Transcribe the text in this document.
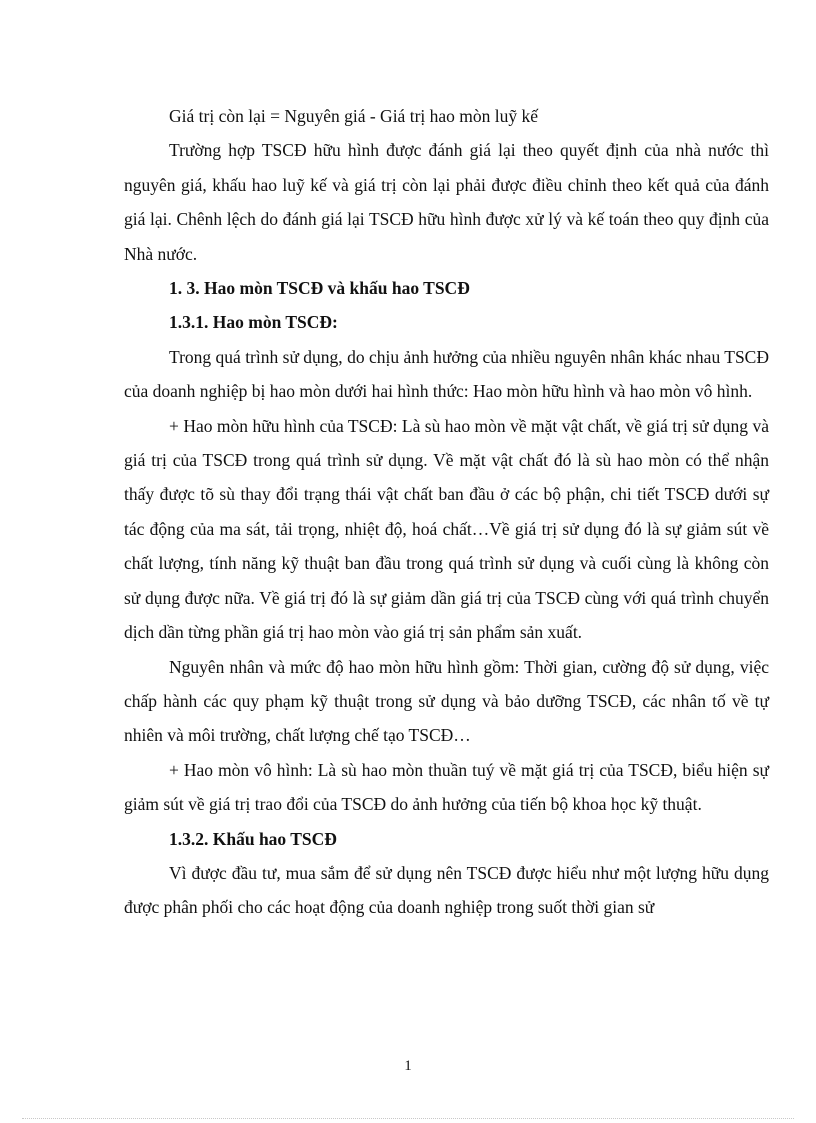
Giá trị còn lại = Nguyên giá - Giá trị hao mòn luỹ kế

Trường hợp TSCĐ hữu hình được đánh giá lại theo quyết định của nhà nước thì nguyên giá, khấu hao luỹ kế và giá trị còn lại phải được điều chỉnh theo kết quả của đánh giá lại. Chênh lệch do đánh giá lại TSCĐ hữu hình được xử lý và kế toán theo quy định của Nhà nước.

1. 3. Hao mòn TSCĐ và khấu hao TSCĐ

1.3.1. Hao mòn TSCĐ:

Trong quá trình sử dụng, do chịu ảnh hưởng của nhiều nguyên nhân khác nhau TSCĐ của doanh nghiệp bị hao mòn dưới hai hình thức: Hao mòn hữu hình và hao mòn vô hình.

+ Hao mòn hữu hình của TSCĐ: Là sù hao mòn về mặt vật chất, về giá trị sử dụng và giá trị của TSCĐ trong quá trình sử dụng. Về mặt vật chất đó là sù hao mòn có thể nhận thấy được tõ sù thay đổi trạng thái vật chất ban đầu ở các bộ phận, chi tiết TSCĐ dưới sự tác động của ma sát, tải trọng, nhiệt độ, hoá chất…Về giá trị sử dụng đó là sự giảm sút về chất lượng, tính năng kỹ thuật ban đầu trong quá trình sử dụng và cuối cùng là không còn sử dụng được nữa. Về giá trị đó là sự giảm dần giá trị của TSCĐ cùng với quá trình chuyển dịch dần từng phần giá trị hao mòn vào giá trị sản phẩm sản xuất.

Nguyên nhân và mức độ hao mòn hữu hình gồm: Thời gian, cường độ sử dụng, việc chấp hành các quy phạm kỹ thuật trong sử dụng và bảo dưỡng TSCĐ, các nhân tố về tự nhiên và môi trường, chất lượng chế tạo TSCĐ…

+ Hao mòn vô hình: Là sù hao mòn thuần tuý về mặt giá trị của TSCĐ, biểu hiện sự giảm sút về giá trị trao đổi của TSCĐ do ảnh hưởng của tiến bộ khoa học kỹ thuật.

1.3.2. Khấu hao TSCĐ

Vì được đầu tư, mua sắm để sử dụng nên TSCĐ được hiểu như một lượng hữu dụng được phân phối cho các hoạt động của doanh nghiệp trong suốt thời gian sử

1
